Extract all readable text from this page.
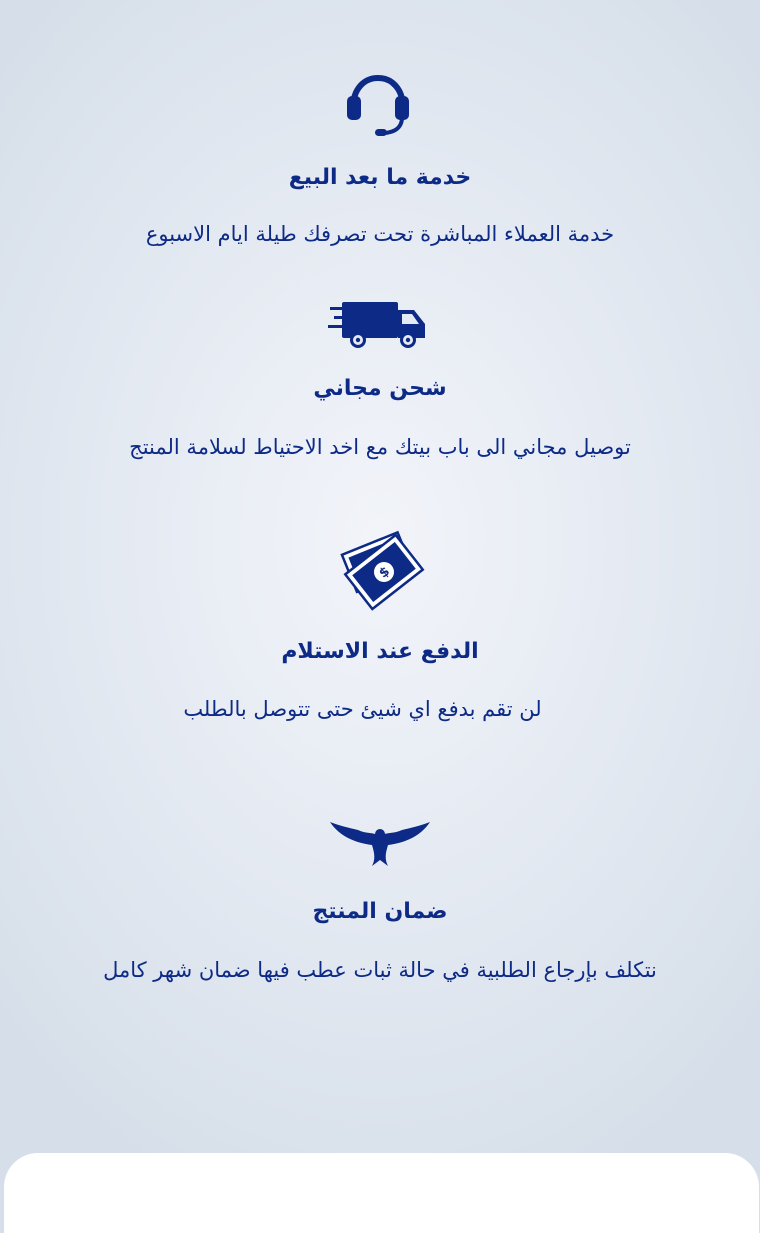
خدمة ما بعد البيع
خدمة العملاء المباشرة تحت تصرفك طيلة ايام الاسبوع
شحن مجاني
توصيل مجاني الى باب بيتك مع اخد الاحتياط لسلامة المنتج
$
الدفع عند الاستلام
لن تقم بدفع اي شيئ حتى تتوصل بالطلب
ضمان المنتج
نتكلف بإرجاع الطلبية في حالة ثبات عطب فيها ضمان شهر كامل
